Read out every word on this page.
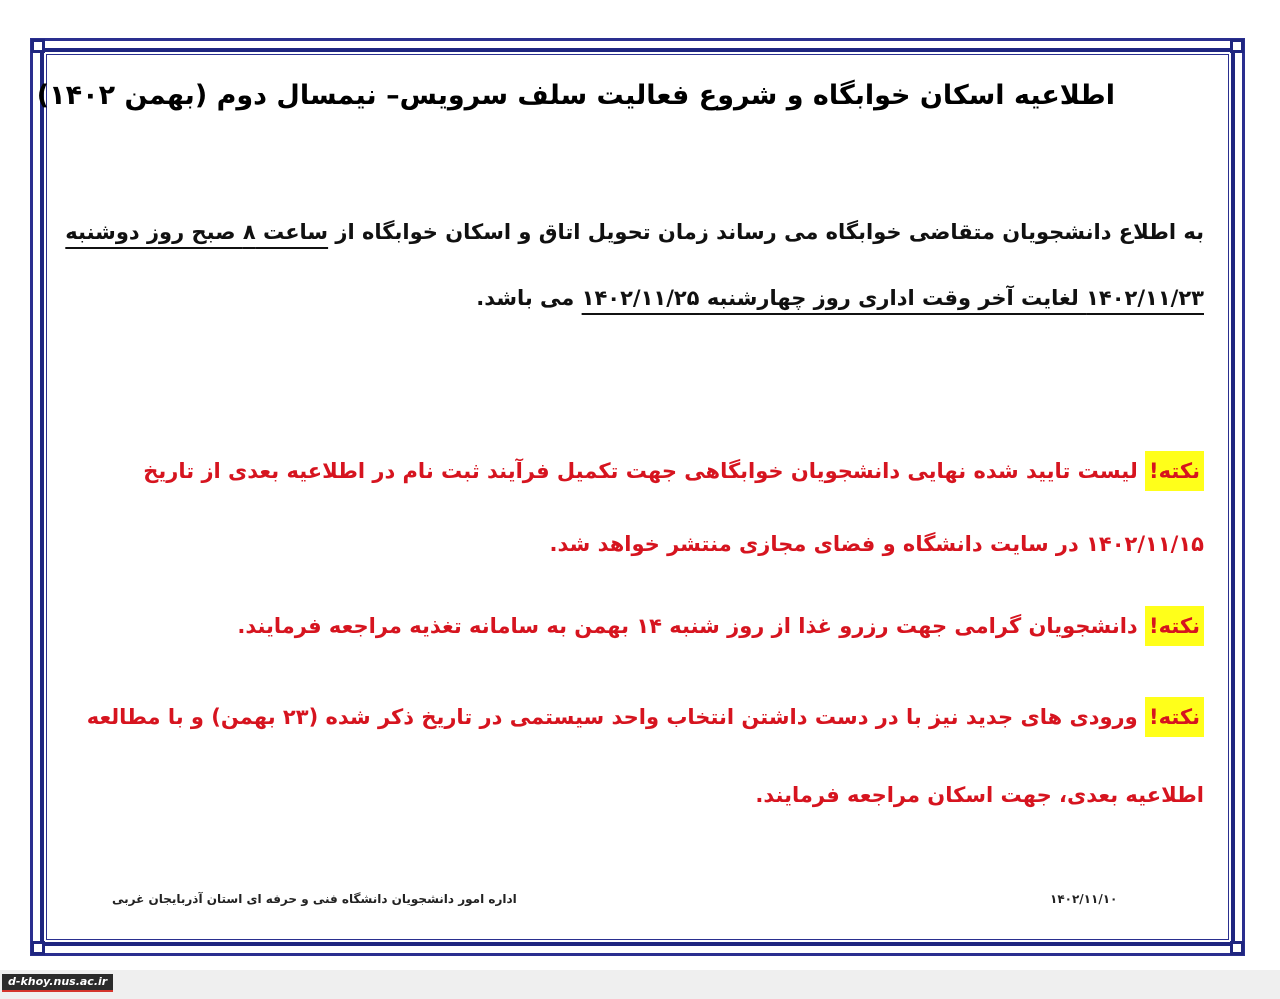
اطلاعیه اسکان خوابگاه و شروع فعالیت سلف سرویس– نیمسال دوم (بهمن ۱۴۰۲)
به اطلاع دانشجویان متقاضی خوابگاه می رساند زمان تحویل اتاق و اسکان خوابگاه از ساعت ۸ صبح روز دوشنبه
۱۴۰۲/۱۱/۲۳ لغایت آخر وقت اداری روز چهارشنبه ۱۴۰۲/۱۱/۲۵ می باشد.
نکته! لیست تایید شده نهایی دانشجویان خوابگاهی جهت تکمیل فرآیند ثبت نام در اطلاعیه بعدی از تاریخ
۱۴۰۲/۱۱/۱۵ در سایت دانشگاه و فضای مجازی منتشر خواهد شد.
نکته! دانشجویان گرامی جهت رزرو غذا از روز شنبه ۱۴ بهمن به سامانه تغذیه مراجعه فرمایند.
نکته! ورودی های جدید نیز با در دست داشتن انتخاب واحد سیستمی در تاریخ ذکر شده (۲۳ بهمن) و با مطالعه
اطلاعیه بعدی، جهت اسکان مراجعه فرمایند.
۱۴۰۲/۱۱/۱۰
اداره امور دانشجویان دانشگاه فنی و حرفه ای استان آذربایجان غربی
d-khoy.nus.ac.ir
